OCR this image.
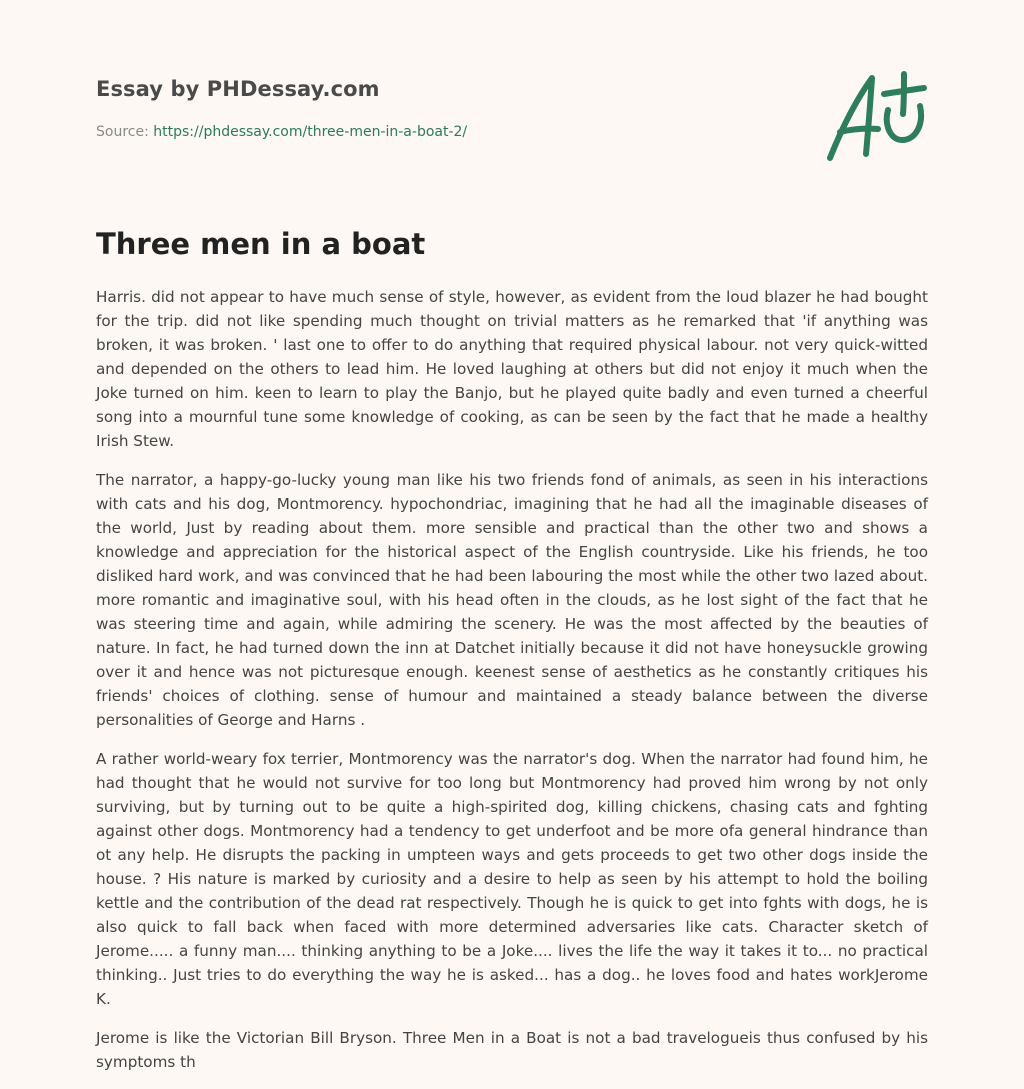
Essay by PHDessay.com
Source: https://phdessay.com/three-men-in-a-boat-2/
Three men in a boat

Harris. did not appear to have much sense of style, however, as evident from the loud blazer he had bought for the trip. did not like spending much thought on trivial matters as he remarked that 'if anything was broken, it was broken. ' last one to offer to do anything that required physical labour. not very quick-witted and depended on the others to lead him. He loved laughing at others but did not enjoy it much when the Joke turned on him. keen to learn to play the Banjo, but he played quite badly and even turned a cheerful song into a mournful tune some knowledge of cooking, as can be seen by the fact that he made a healthy Irish Stew.

The narrator, a happy-go-lucky young man like his two friends fond of animals, as seen in his interactions with cats and his dog, Montmorency. hypochondriac, imagining that he had all the imaginable diseases of the world, Just by reading about them. more sensible and practical than the other two and shows a knowledge and appreciation for the historical aspect of the English countryside. Like his friends, he too disliked hard work, and was convinced that he had been labouring the most while the other two lazed about. more romantic and imaginative soul, with his head often in the clouds, as he lost sight of the fact that he was steering time and again, while admiring the scenery. He was the most affected by the beauties of nature. In fact, he had turned down the inn at Datchet initially because it did not have honeysuckle growing over it and hence was not picturesque enough. keenest sense of aesthetics as he constantly critiques his friends' choices of clothing. sense of humour and maintained a steady balance between the diverse personalities of George and Harns .

A rather world-weary fox terrier, Montmorency was the narrator's dog. When the narrator had found him, he had thought that he would not survive for too long but Montmorency had proved him wrong by not only surviving, but by turning out to be quite a high-spirited dog, killing chickens, chasing cats and fghting against other dogs. Montmorency had a tendency to get underfoot and be more ofa general hindrance than ot any help. He disrupts the packing in umpteen ways and gets proceeds to get two other dogs inside the house. ? His nature is marked by curiosity and a desire to help as seen by his attempt to hold the boiling kettle and the contribution of the dead rat respectively. Though he is quick to get into fghts with dogs, he is also quick to fall back when faced with more determined adversaries like cats. Character sketch of Jerome..... a funny man.... thinking anything to be a Joke.... lives the life the way it takes it to... no practical thinking.. Just tries to do everything the way he is asked... has a dog.. he loves food and hates workJerome K.

Jerome is like the Victorian Bill Bryson. Three Men in a Boat is not a bad travelogueis thus confused by his symptoms th
